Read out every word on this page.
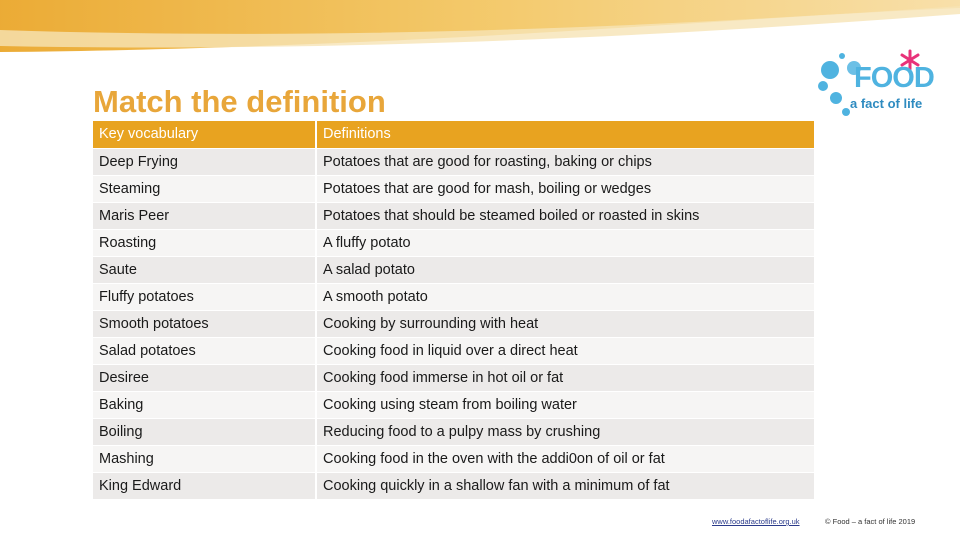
Match the definition
FOOD
a fact of life
Key vocabulary	Definitions
Deep Frying	Potatoes that are good for roasting, baking or chips
Steaming	Potatoes that are good for mash, boiling or wedges
Maris Peer	Potatoes that should be steamed boiled or roasted in skins
Roasting	A fluffy potato
Saute	A salad potato
Fluffy potatoes	A smooth potato
Smooth potatoes	Cooking by surrounding with heat
Salad potatoes	Cooking food in liquid over a direct heat
Desiree	Cooking food immerse in hot oil or fat
Baking	Cooking using steam from boiling water
Boiling	Reducing food to a pulpy mass by crushing
Mashing	Cooking food in the oven with the addi0on of oil or fat
King Edward	Cooking quickly in a shallow fan with a minimum of fat
www.foodafactoflife.org.uk	© Food – a fact of life 2019
